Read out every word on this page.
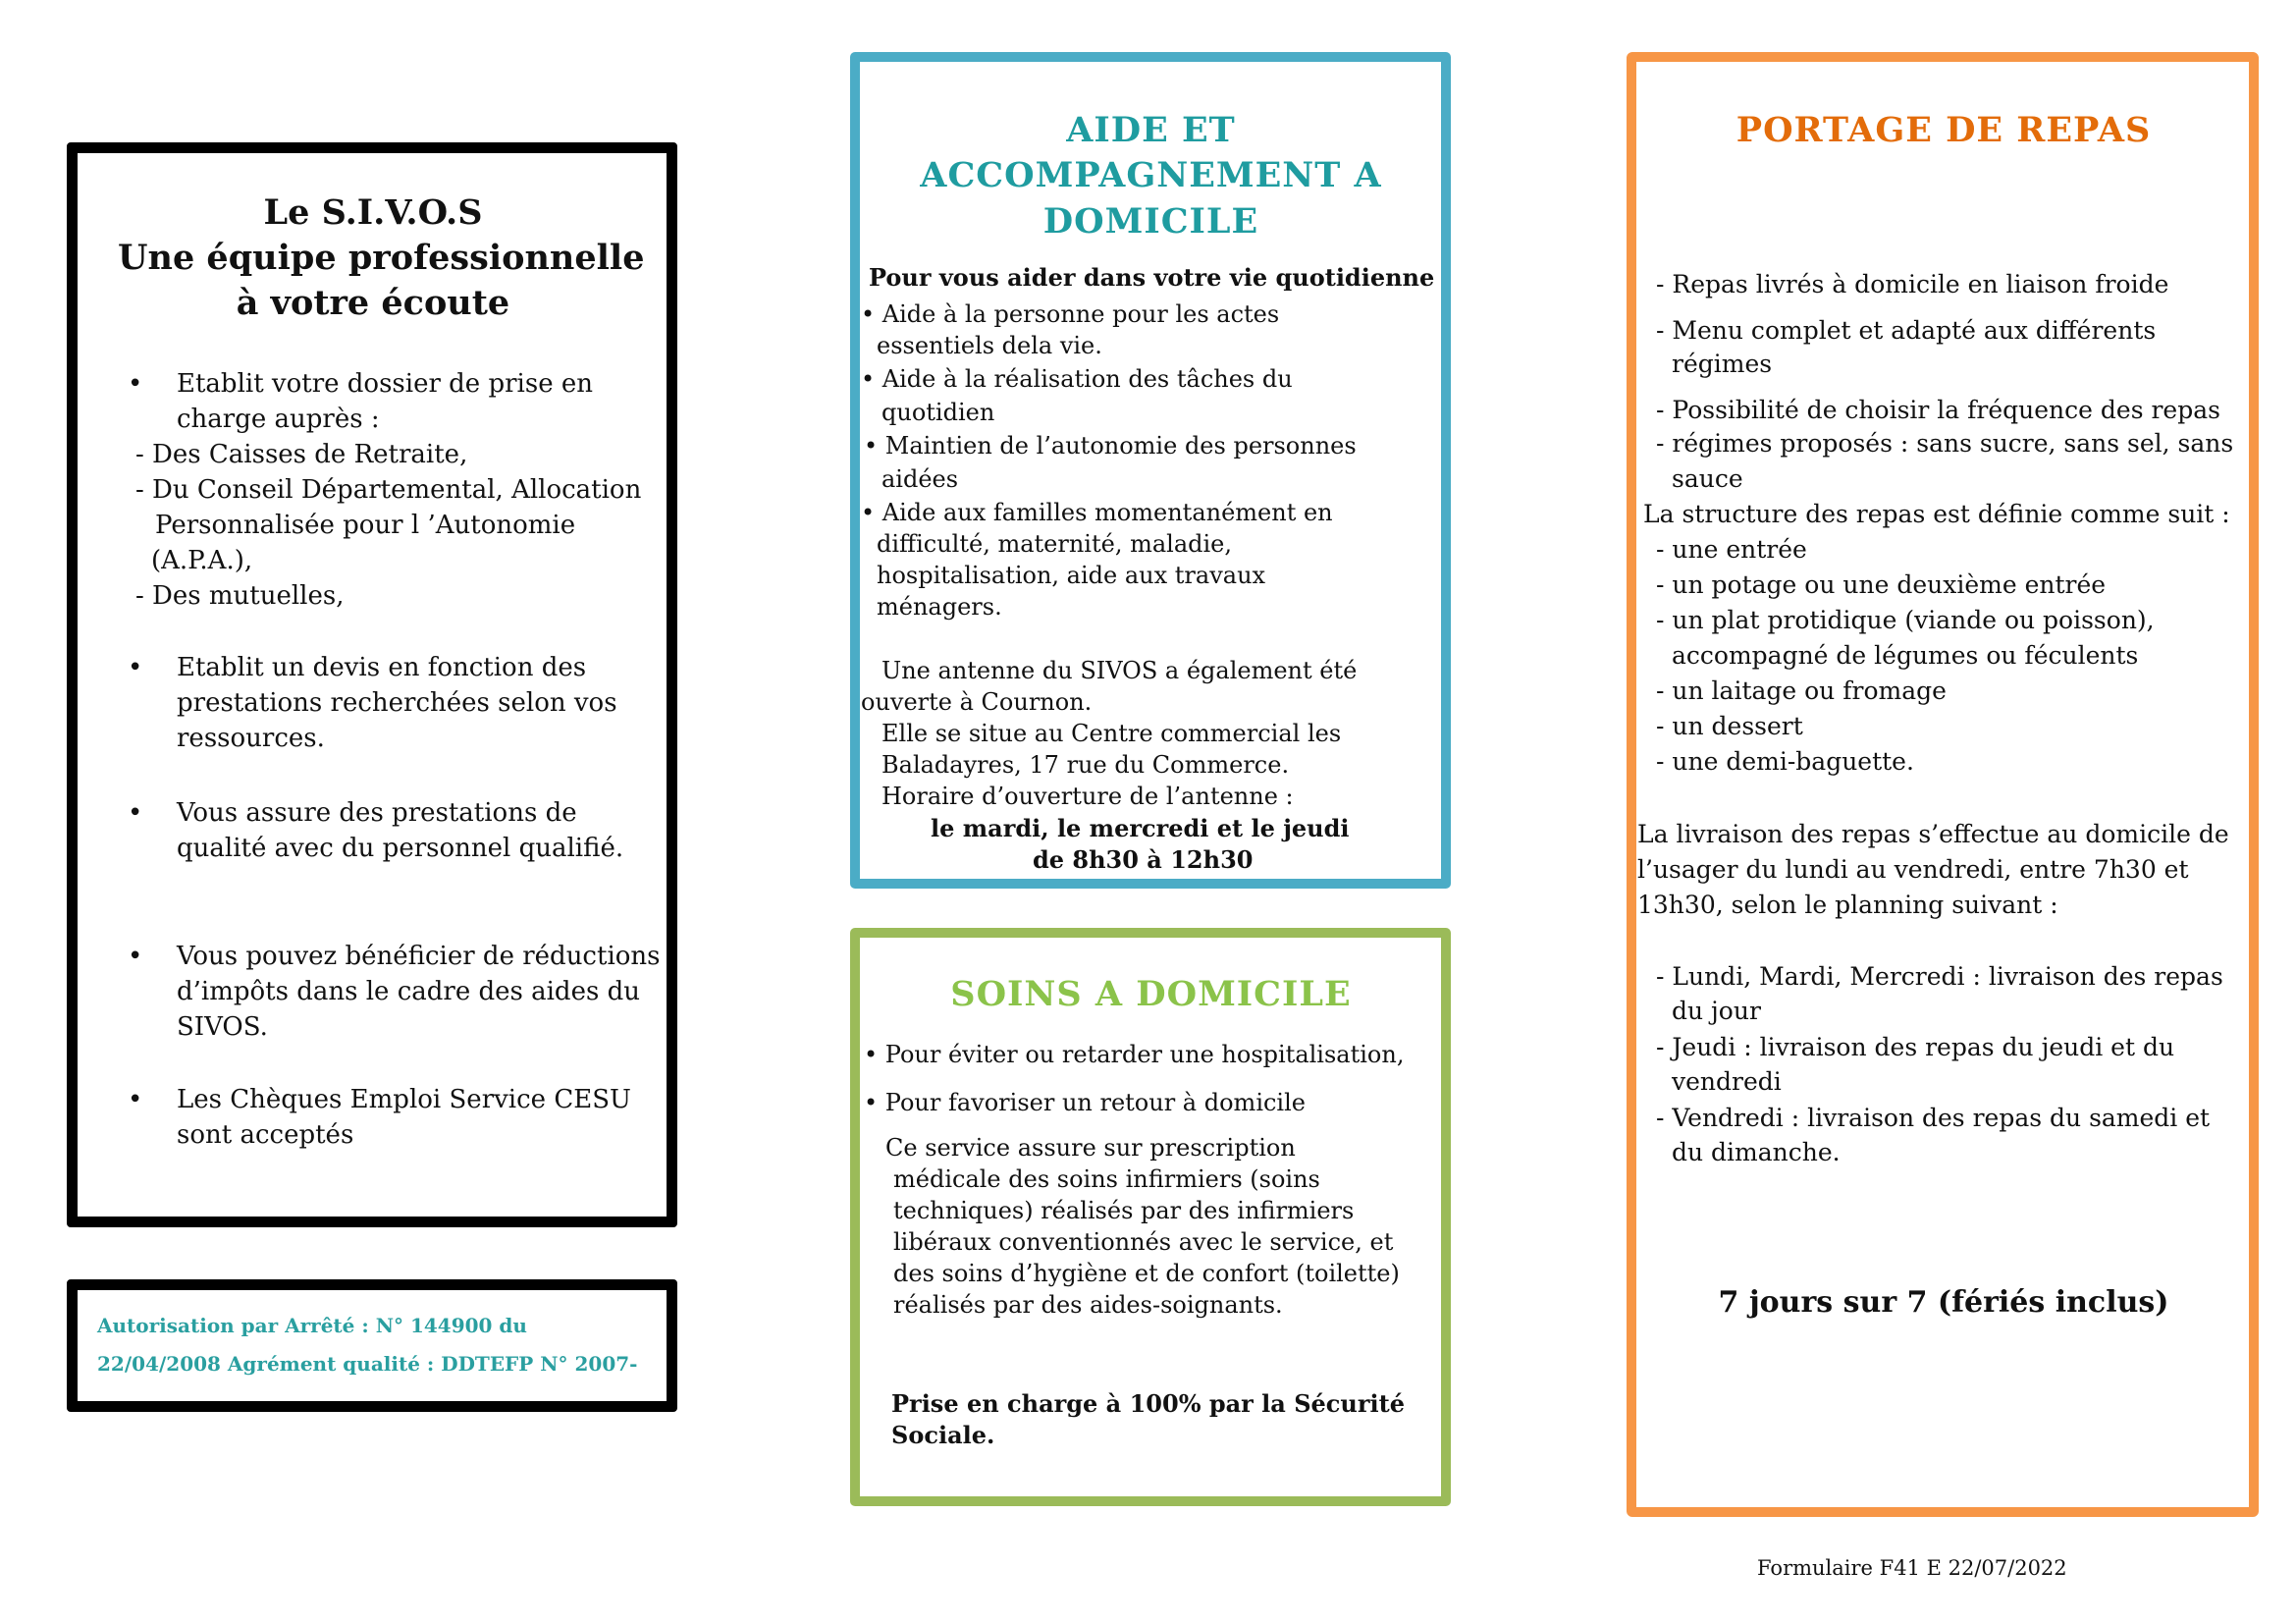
Le S.I.V.O.S
Une équipe professionnelle
à votre écoute
• Etablit votre dossier de prise en
charge auprès :
- Des Caisses de Retraite,
- Du Conseil Départemental, Allocation
Personnalisée pour l ’Autonomie
(A.P.A.),
- Des mutuelles,
• Etablit un devis en fonction des
prestations recherchées selon vos
ressources.
• Vous assure des prestations de
qualité avec du personnel qualifié.
• Vous pouvez bénéficier de réductions
d’impôts dans le cadre des aides du
SIVOS.
• Les Chèques Emploi Service CESU
sont acceptés
Autorisation par Arrêté : N° 144900 du
22/04/2008 Agrément qualité : DDTEFP N° 2007-
AIDE ET
ACCOMPAGNEMENT A
DOMICILE
Pour vous aider dans votre vie quotidienne
• Aide à la personne pour les actes
essentiels dela vie.
• Aide à la réalisation des tâches du
quotidien
• Maintien de l’autonomie des personnes
aidées
• Aide aux familles momentanément en
difficulté, maternité, maladie,
hospitalisation, aide aux travaux
ménagers.
Une antenne du SIVOS a également été
ouverte à Cournon.
Elle se situe au Centre commercial les
Baladayres, 17 rue du Commerce.
Horaire d’ouverture de l’antenne :
le mardi, le mercredi et le jeudi
de 8h30 à 12h30
SOINS A DOMICILE
• Pour éviter ou retarder une hospitalisation,
• Pour favoriser un retour à domicile
Ce service assure sur prescription
médicale des soins infirmiers (soins
techniques) réalisés par des infirmiers
libéraux conventionnés avec le service, et
des soins d’hygiène et de confort (toilette)
réalisés par des aides-soignants.
Prise en charge à 100% par la Sécurité
Sociale.
PORTAGE DE REPAS
- Repas livrés à domicile en liaison froide
- Menu complet et adapté aux différents
régimes
- Possibilité de choisir la fréquence des repas
- régimes proposés : sans sucre, sans sel, sans
sauce
La structure des repas est définie comme suit :
- une entrée
- un potage ou une deuxième entrée
- un plat protidique (viande ou poisson),
accompagné de légumes ou féculents
- un laitage ou fromage
- un dessert
- une demi-baguette.
La livraison des repas s’effectue au domicile de
l’usager du lundi au vendredi, entre 7h30 et
13h30, selon le planning suivant :
- Lundi, Mardi, Mercredi : livraison des repas
du jour
- Jeudi : livraison des repas du jeudi et du
vendredi
- Vendredi : livraison des repas du samedi et
du dimanche.
7 jours sur 7 (fériés inclus)
Formulaire F41 E 22/07/2022
